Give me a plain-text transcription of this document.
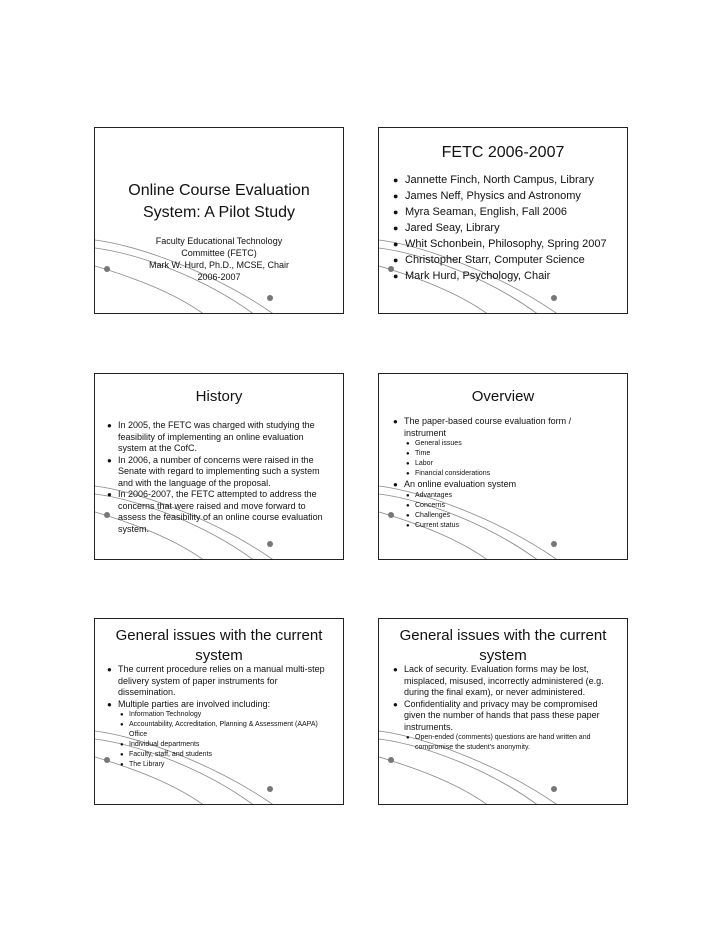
Online Course Evaluation System: A Pilot Study
Faculty Educational Technology
Committee (FETC)
Mark W. Hurd, Ph.D., MCSE, Chair
2006-2007
FETC 2006-2007
● Jannette Finch, North Campus, Library
● James Neff, Physics and Astronomy
● Myra Seaman, English, Fall 2006
● Jared Seay, Library
● Whit Schonbein, Philosophy, Spring 2007
● Christopher Starr, Computer Science
● Mark Hurd, Psychology, Chair
History
● In 2005, the FETC was charged with studying the feasibility of implementing an online evaluation system at the CofC.
● In 2006, a number of concerns were raised in the Senate with regard to implementing such a system and with the language of the proposal.
● In 2006-2007, the FETC attempted to address the concerns that were raised and move forward to assess the feasibility of an online course evaluation system.
Overview
● The paper-based course evaluation form / instrument
● General issues
● Time
● Labor
● Financial considerations
● An online evaluation system
● Advantages
● Concerns
● Challenges
● Current status
General issues with the current system
● The current procedure relies on a manual multi-step delivery system of paper instruments for dissemination.
● Multiple parties are involved including:
● Information Technology
● Accountability, Accreditation, Planning & Assessment (AAPA) Office
● Individual departments
● Faculty, staff, and students
● The Library
General issues with the current system
● Lack of security. Evaluation forms may be lost, misplaced, misused, incorrectly administered (e.g. during the final exam), or never administered.
● Confidentiality and privacy may be compromised given the number of hands that pass these paper instruments.
● Open-ended (comments) questions are hand written and compromise the student’s anonymity.
